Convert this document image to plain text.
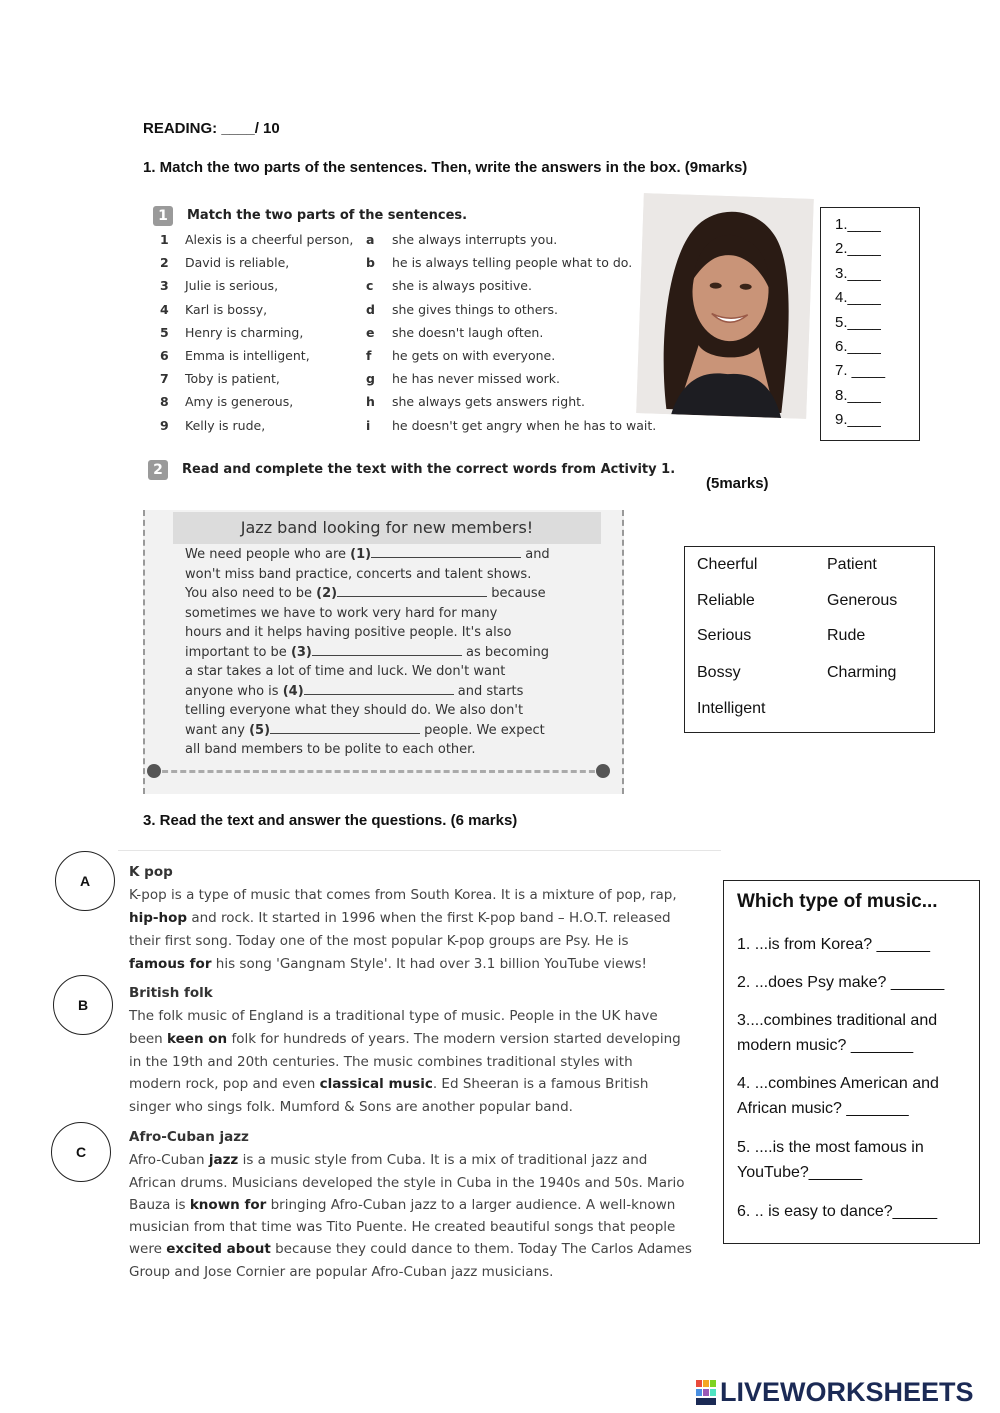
READING: ____/ 10
1. Match the two parts of the sentences. Then, write the answers in the box. (9marks)
1	Match the two parts of the sentences.
1 Alexis is a cheerful person, a she always interrupts you.
2 David is reliable,	b he is always telling people what to do.
3 Julie is serious,	c she is always positive.
4 Karl is bossy,	d she gives things to others.
5 Henry is charming,	e she doesn't laugh often.
6 Emma is intelligent,	f he gets on with everyone.
7 Toby is patient,	g he has never missed work.
8 Amy is generous,	h she always gets answers right.
9 Kelly is rude,	i he doesn't get angry when he has to wait.
1.____
2.____
3.____
4.____
5.____
6.____
7. ____
8.____
9.____
2	Read and complete the text with the correct words from Activity 1.
(5marks)
Jazz band looking for new members!
We need people who are (1)	and
won't miss band practice, concerts and talent shows.
You also need to be (2)	because
sometimes we have to work very hard for many
hours and it helps having positive people. It's also
important to be (3)	as becoming
a star takes a lot of time and luck. We don't want
anyone who is (4)	and starts
telling everyone what they should do. We also don't
want any (5)	people. We expect
all band members to be polite to each other.
Cheerful	Patient
Reliable	Generous
Serious	Rude
Bossy	Charming
Intelligent
3. Read the text and answer the questions. (6 marks)
A
B
C
K pop
K-pop is a type of music that comes from South Korea. It is a mixture of pop, rap,
hip-hop and rock. It started in 1996 when the first K-pop band – H.O.T. released
their first song. Today one of the most popular K-pop groups are Psy. He is
famous for his song 'Gangnam Style'. It had over 3.1 billion YouTube views!
British folk
The folk music of England is a traditional type of music. People in the UK have
been keen on folk for hundreds of years. The modern version started developing
in the 19th and 20th centuries. The music combines traditional styles with
modern rock, pop and even classical music. Ed Sheeran is a famous British
singer who sings folk. Mumford & Sons are another popular band.
Afro-Cuban jazz
Afro-Cuban jazz is a music style from Cuba. It is a mix of traditional jazz and
African drums. Musicians developed the style in Cuba in the 1940s and 50s. Mario
Bauza is known for bringing Afro-Cuban jazz to a larger audience. A well-known
musician from that time was Tito Puente. He created beautiful songs that people
were excited about because they could dance to them. Today The Carlos Adames
Group and Jose Cornier are popular Afro-Cuban jazz musicians.
Which type of music...
1. ...is from Korea? ______
2. ...does Psy make? ______
3....combines traditional and modern music? _______
4. ...combines American and African music? _______
5. ....is the most famous in YouTube?______
6. .. is easy to dance?_____
LIVEWORKSHEETS
